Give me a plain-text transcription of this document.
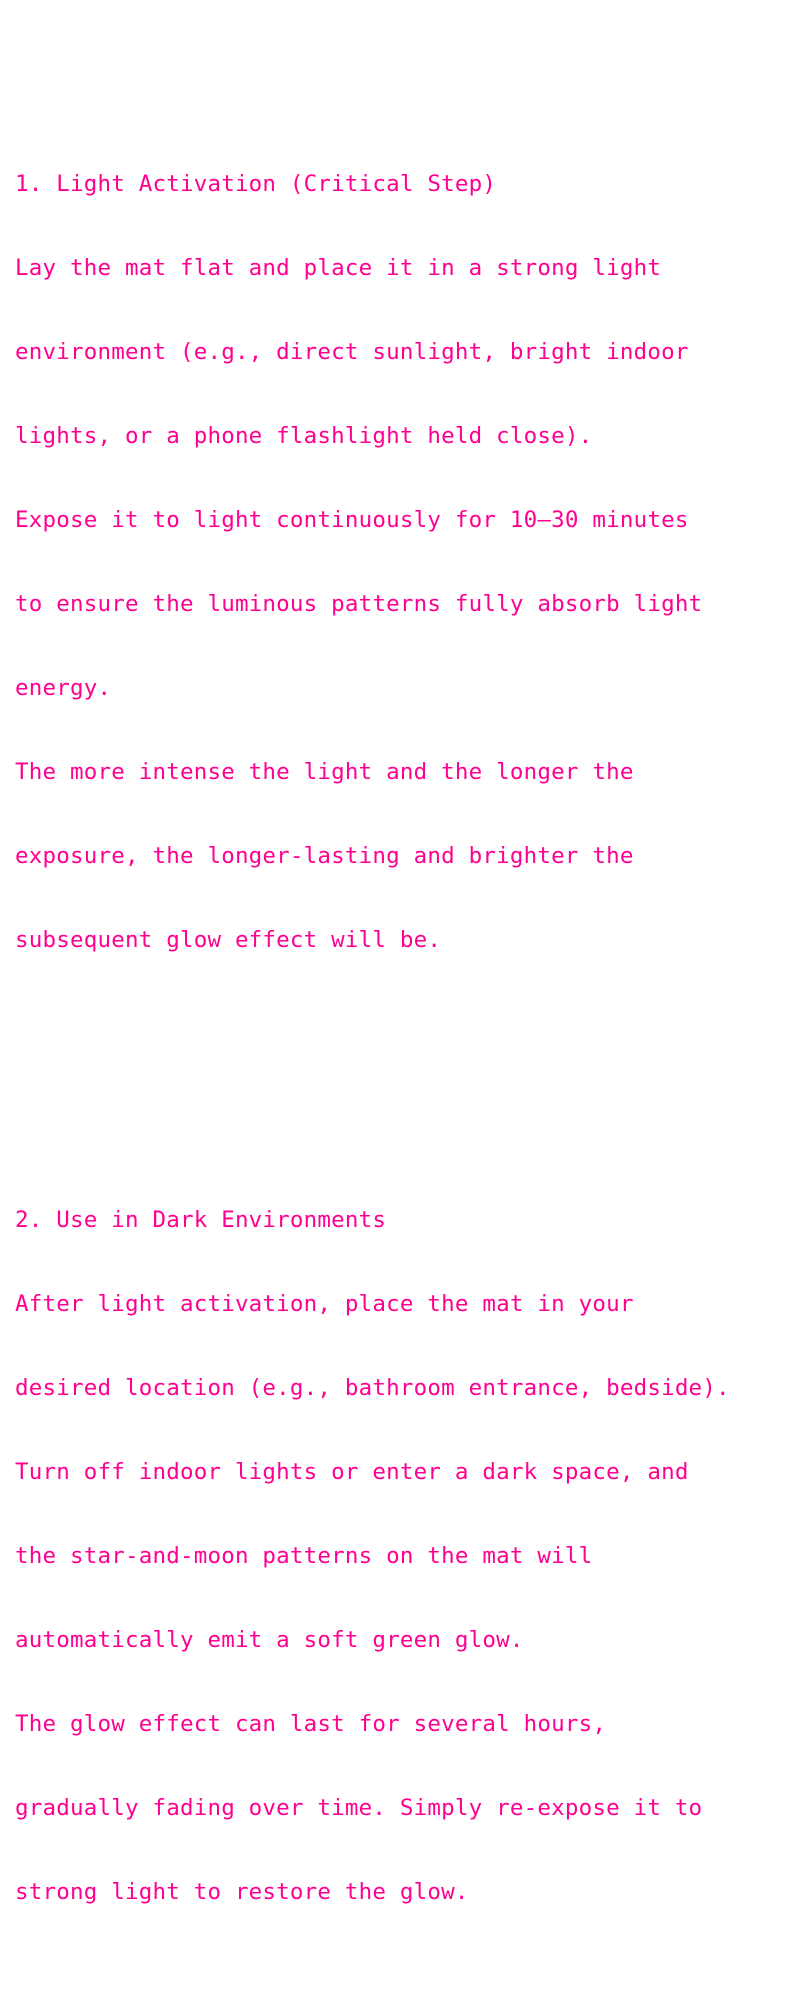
1. Light Activation (Critical Step)

Lay the mat flat and place it in a strong light

environment (e.g., direct sunlight, bright indoor

lights, or a phone flashlight held close).

Expose it to light continuously for 10–30 minutes

to ensure the luminous patterns fully absorb light

energy.

The more intense the light and the longer the

exposure, the longer-lasting and brighter the

subsequent glow effect will be.

2. Use in Dark Environments

After light activation, place the mat in your

desired location (e.g., bathroom entrance, bedside).

Turn off indoor lights or enter a dark space, and

the star-and-moon patterns on the mat will

automatically emit a soft green glow.

The glow effect can last for several hours,

gradually fading over time. Simply re-expose it to

strong light to restore the glow.
